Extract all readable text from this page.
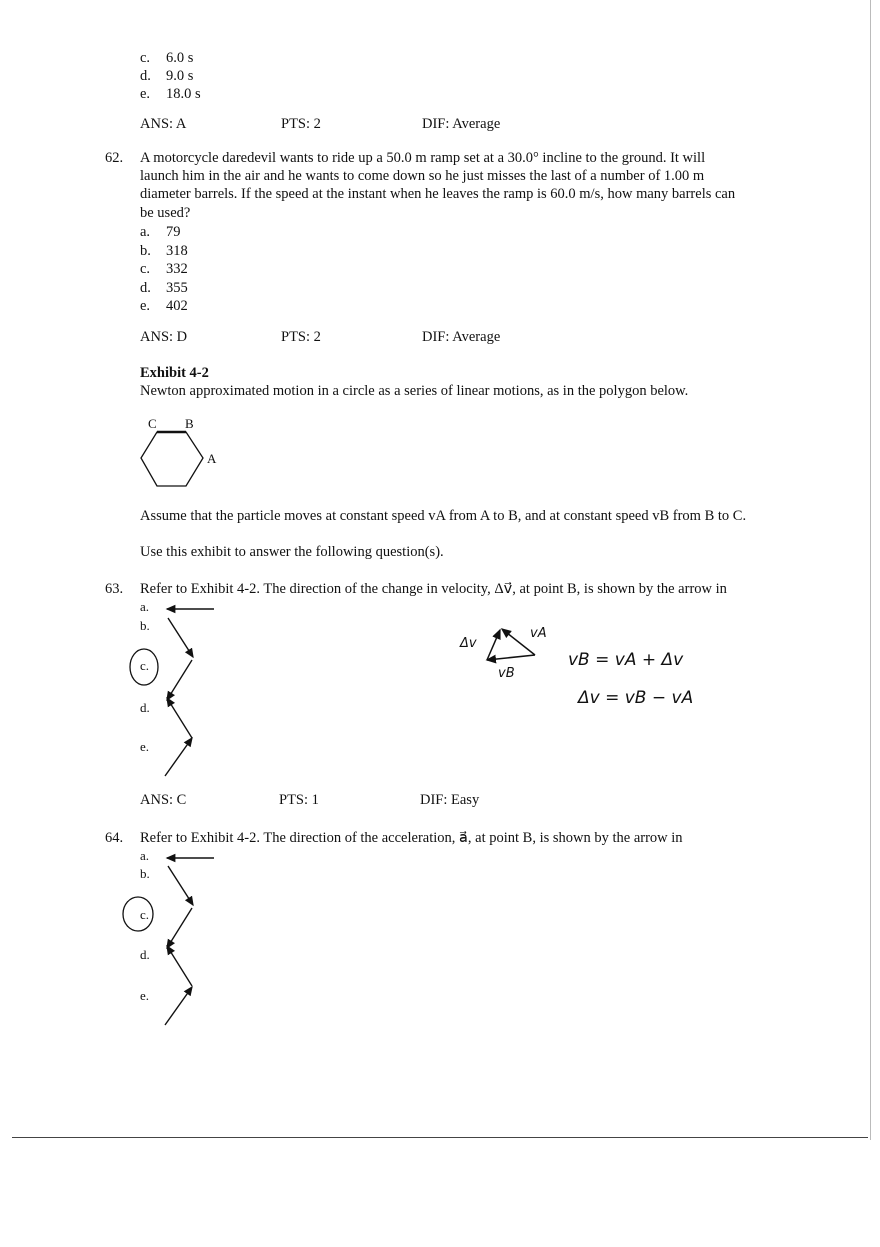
c. 6.0 s
d. 9.0 s
e. 18.0 s
ANS: A	PTS: 2	DIF: Average
62. A motorcycle daredevil wants to ride up a 50.0 m ramp set at a 30.0° incline to the ground. It will
launch him in the air and he wants to come down so he just misses the last of a number of 1.00 m
diameter barrels. If the speed at the instant when he leaves the ramp is 60.0 m/s, how many barrels can
be used?
a. 79
b. 318
c. 332
d. 355
e. 402
ANS: D	PTS: 2	DIF: Average
Exhibit 4-2
Newton approximated motion in a circle as a series of linear motions, as in the polygon below.
C B
A
Assume that the particle moves at constant speed vA from A to B, and at constant speed vB from B to C.
Use this exhibit to answer the following question(s).
63. Refer to Exhibit 4-2. The direction of the change in velocity, Δv⃗, at point B, is shown by the arrow in
a.
b.
c.
d.
e.
ANS: C	PTS: 1	DIF: Easy
Δv
vA
vB
vB = vA + Δv
Δv = vB − vA
64. Refer to Exhibit 4-2. The direction of the acceleration, a⃗, at point B, is shown by the arrow in
a.
b.
c.
d.
e.
